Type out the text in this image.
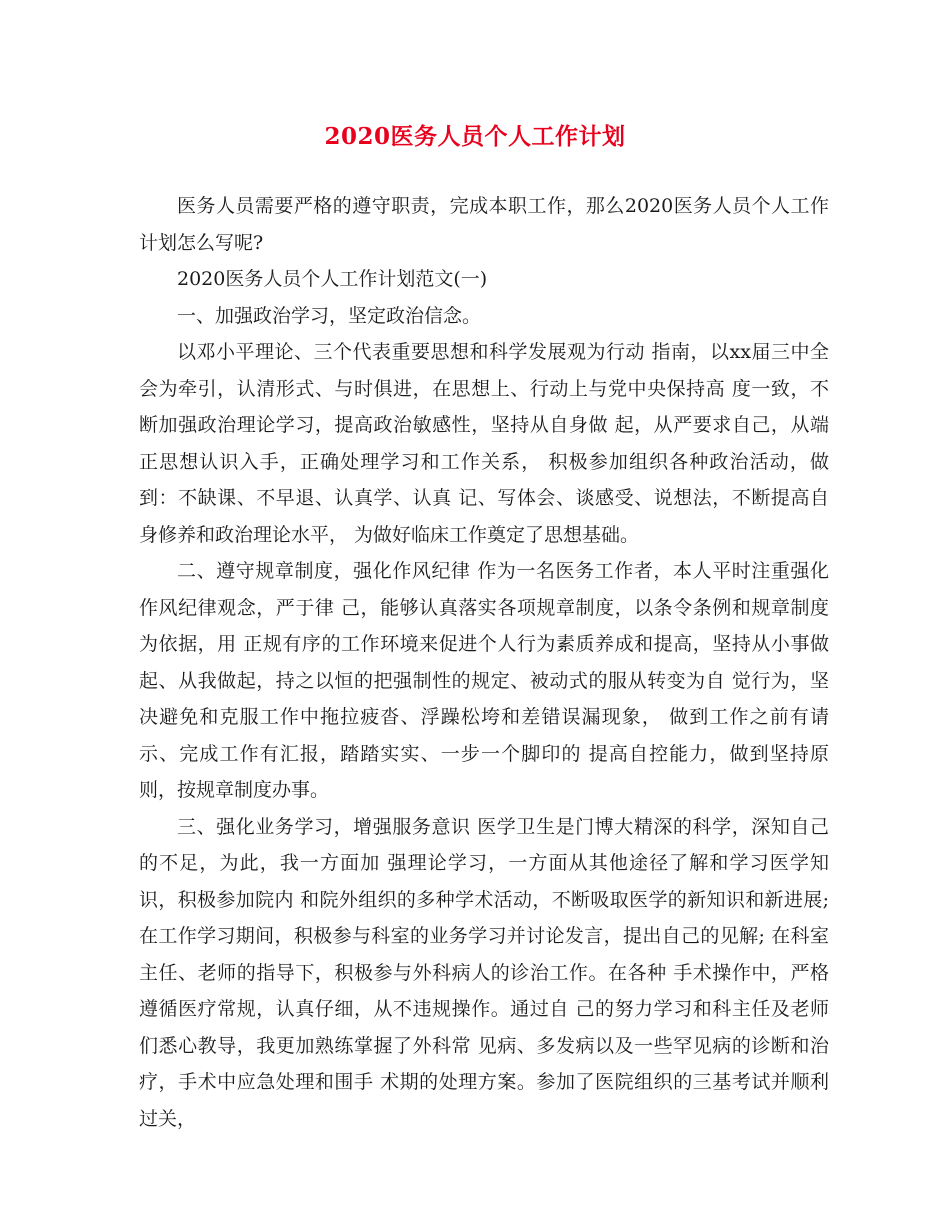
2020医务人员个人工作计划

医务人员需要严格的遵守职责，完成本职工作，那么2020医务人员个人工作计划怎么写呢?

2020医务人员个人工作计划范文(一)

一、加强政治学习，坚定政治信念。

以邓小平理论、三个代表重要思想和科学发展观为行动 指南，以xx届三中全会为牵引，认清形式、与时俱进，在思想上、行动上与党中央保持高 度一致，不断加强政治理论学习，提高政治敏感性，坚持从自身做 起，从严要求自己，从端正思想认识入手，正确处理学习和工作关系， 积极参加组织各种政治活动，做到：不缺课、不早退、认真学、认真 记、写体会、谈感受、说想法，不断提高自身修养和政治理论水平， 为做好临床工作奠定了思想基础。

二、遵守规章制度，强化作风纪律 作为一名医务工作者，本人平时注重强化作风纪律观念，严于律 己，能够认真落实各项规章制度，以条令条例和规章制度为依据，用 正规有序的工作环境来促进个人行为素质养成和提高，坚持从小事做起、从我做起，持之以恒的把强制性的规定、被动式的服从转变为自 觉行为，坚决避免和克服工作中拖拉疲沓、浮躁松垮和差错误漏现象， 做到工作之前有请示、完成工作有汇报，踏踏实实、一步一个脚印的 提高自控能力，做到坚持原则，按规章制度办事。

三、强化业务学习，增强服务意识 医学卫生是门博大精深的科学，深知自己的不足，为此，我一方面加 强理论学习，一方面从其他途径了解和学习医学知识，积极参加院内 和院外组织的多种学术活动，不断吸取医学的新知识和新进展;在工作学习期间，积极参与科室的业务学习并讨论发言，提出自己的见解; 在科室主任、老师的指导下，积极参与外科病人的诊治工作。在各种 手术操作中，严格遵循医疗常规，认真仔细，从不违规操作。通过自 己的努力学习和科主任及老师们悉心教导，我更加熟练掌握了外科常 见病、多发病以及一些罕见病的诊断和治疗，手术中应急处理和围手 术期的处理方案。参加了医院组织的三基考试并顺利过关，
